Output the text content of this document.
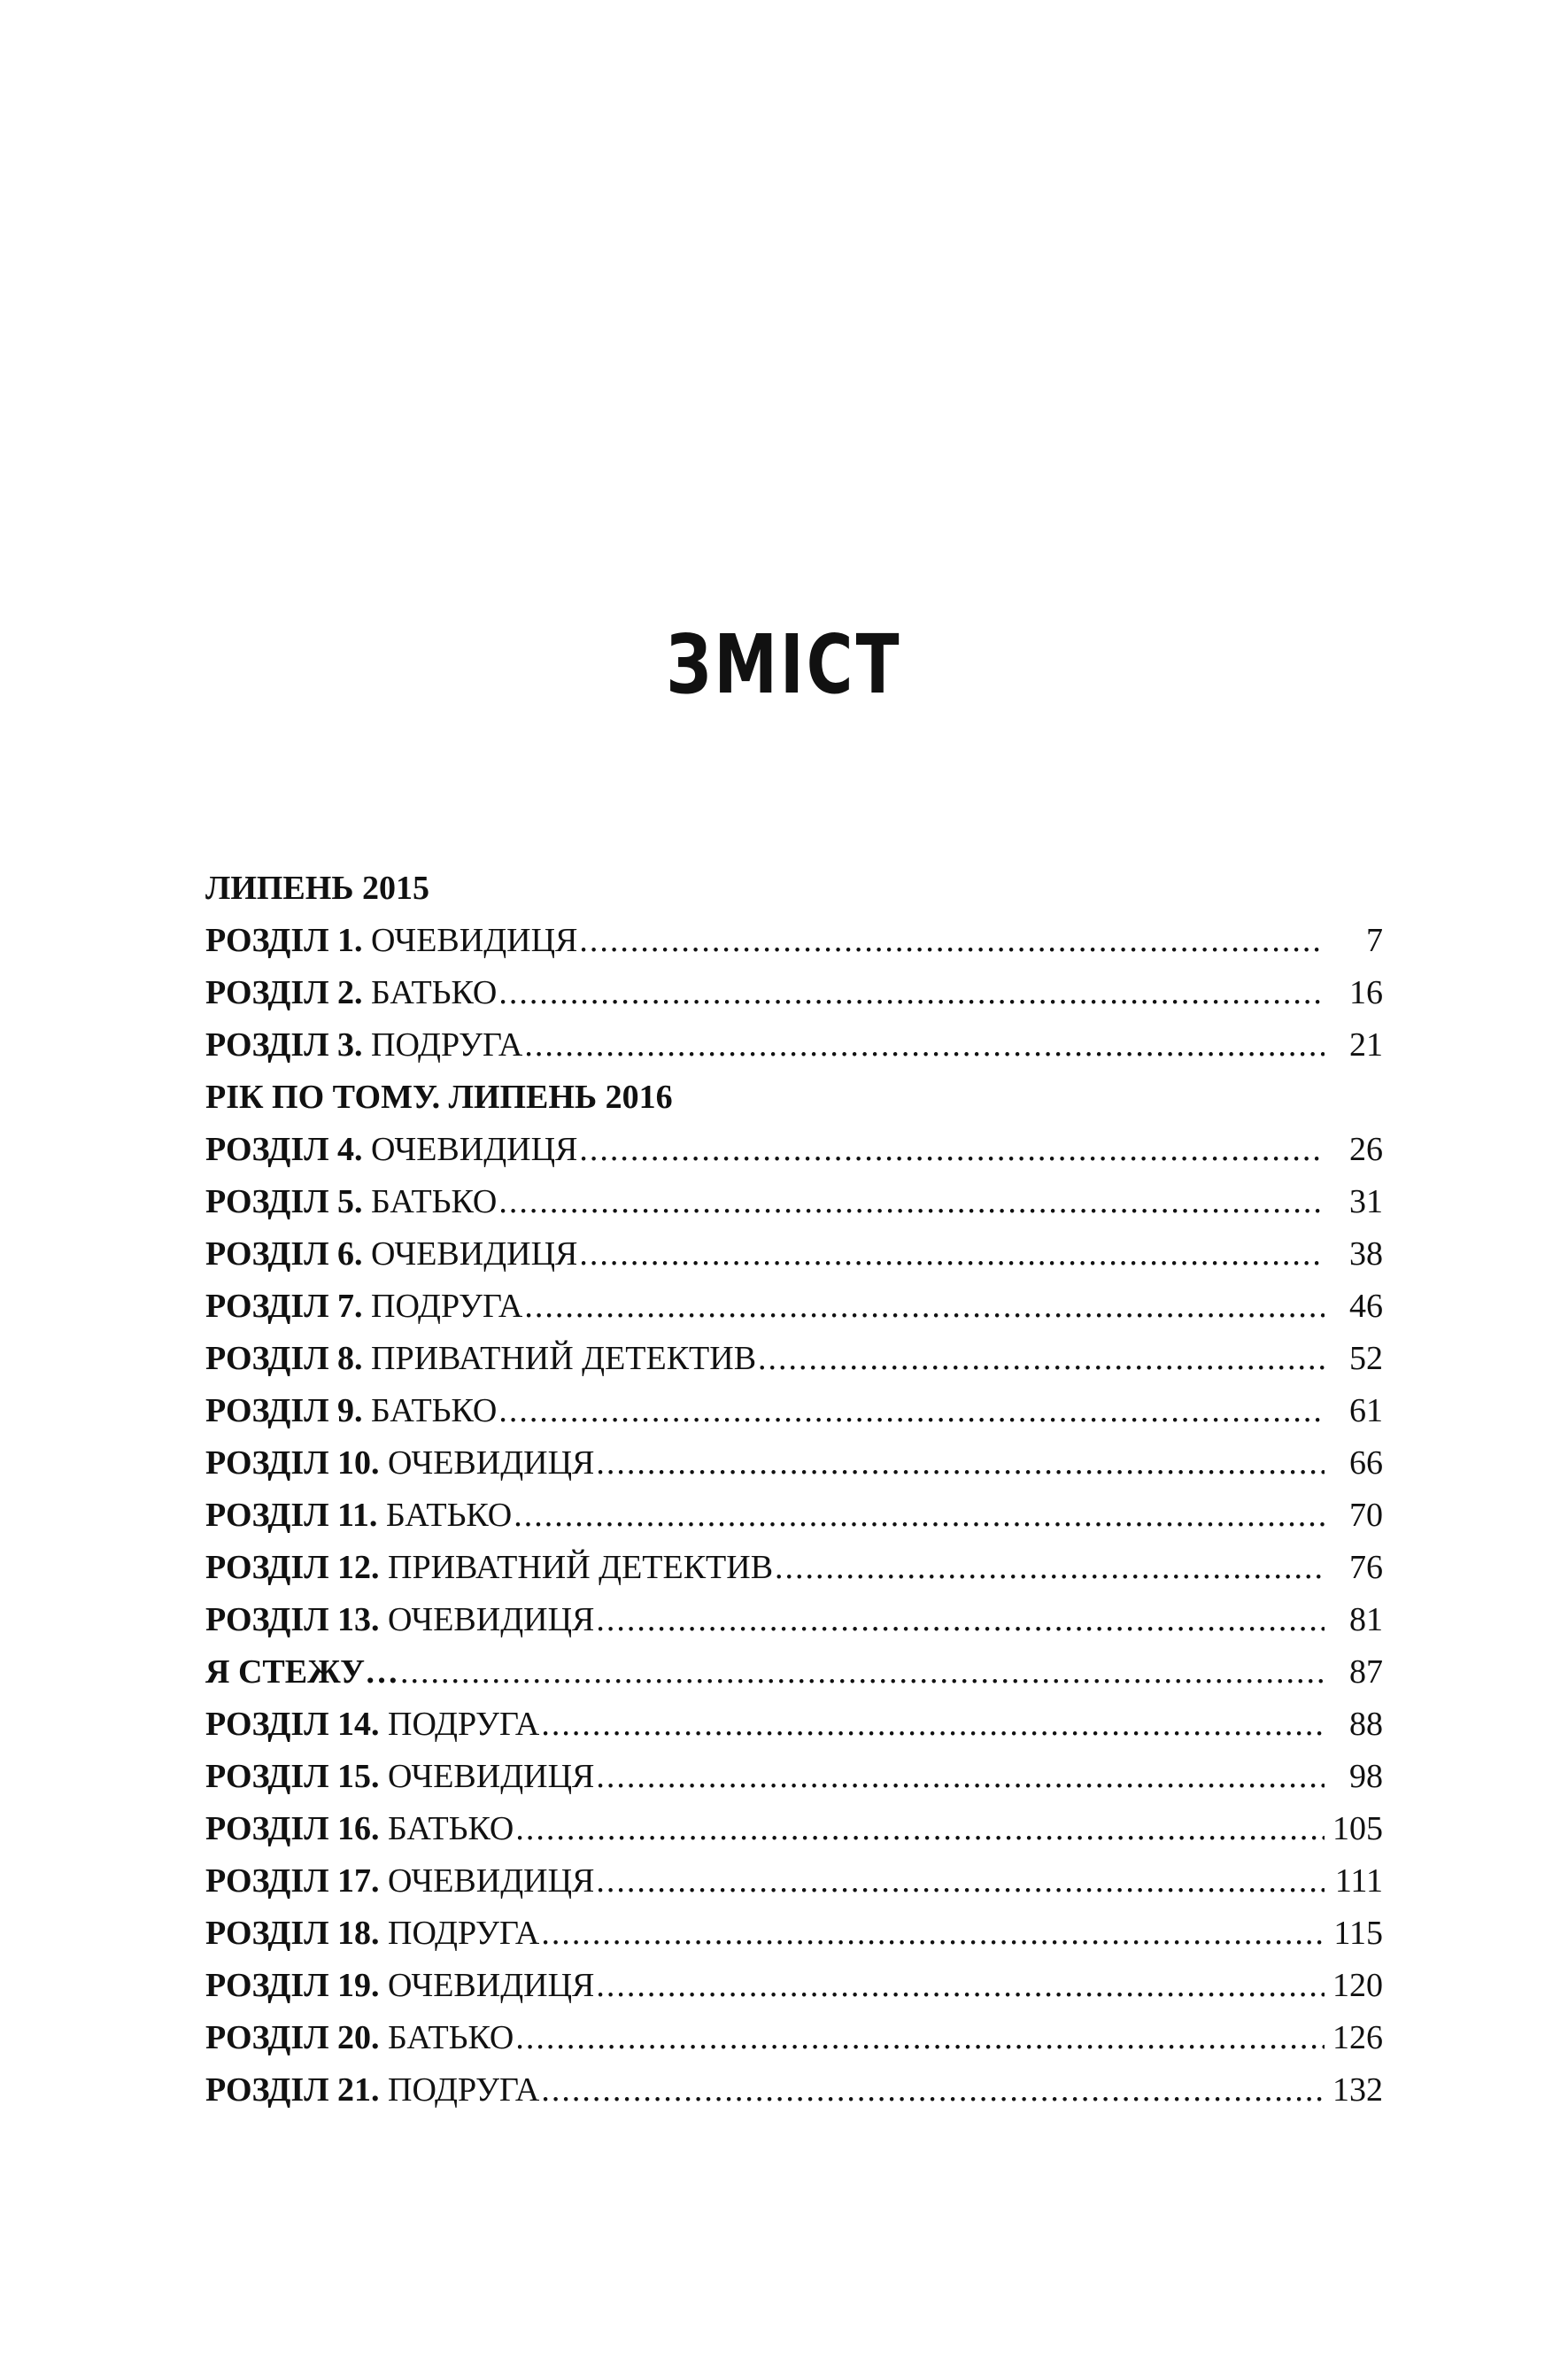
ЗМІСТ
ЛИПЕНЬ 2015
РОЗДІЛ 1. ОЧЕВИДИЦЯ .....	7
РОЗДІЛ 2. БАТЬКО .....	16
РОЗДІЛ 3. ПОДРУГА .....	21
РІК ПО ТОМУ. ЛИПЕНЬ 2016
РОЗДІЛ 4. ОЧЕВИДИЦЯ .....	26
РОЗДІЛ 5. БАТЬКО .....	31
РОЗДІЛ 6. ОЧЕВИДИЦЯ .....	38
РОЗДІЛ 7. ПОДРУГА .....	46
РОЗДІЛ 8. ПРИВАТНИЙ ДЕТЕКТИВ .....	52
РОЗДІЛ 9. БАТЬКО .....	61
РОЗДІЛ 10. ОЧЕВИДИЦЯ .....	66
РОЗДІЛ 11. БАТЬКО .....	70
РОЗДІЛ 12. ПРИВАТНИЙ ДЕТЕКТИВ .....	76
РОЗДІЛ 13. ОЧЕВИДИЦЯ .....	81
Я СТЕЖУ… .....	87
РОЗДІЛ 14. ПОДРУГА .....	88
РОЗДІЛ 15. ОЧЕВИДИЦЯ .....	98
РОЗДІЛ 16. БАТЬКО .....	105
РОЗДІЛ 17. ОЧЕВИДИЦЯ .....	111
РОЗДІЛ 18. ПОДРУГА .....	115
РОЗДІЛ 19. ОЧЕВИДИЦЯ .....	120
РОЗДІЛ 20. БАТЬКО .....	126
РОЗДІЛ 21. ПОДРУГА .....	132
